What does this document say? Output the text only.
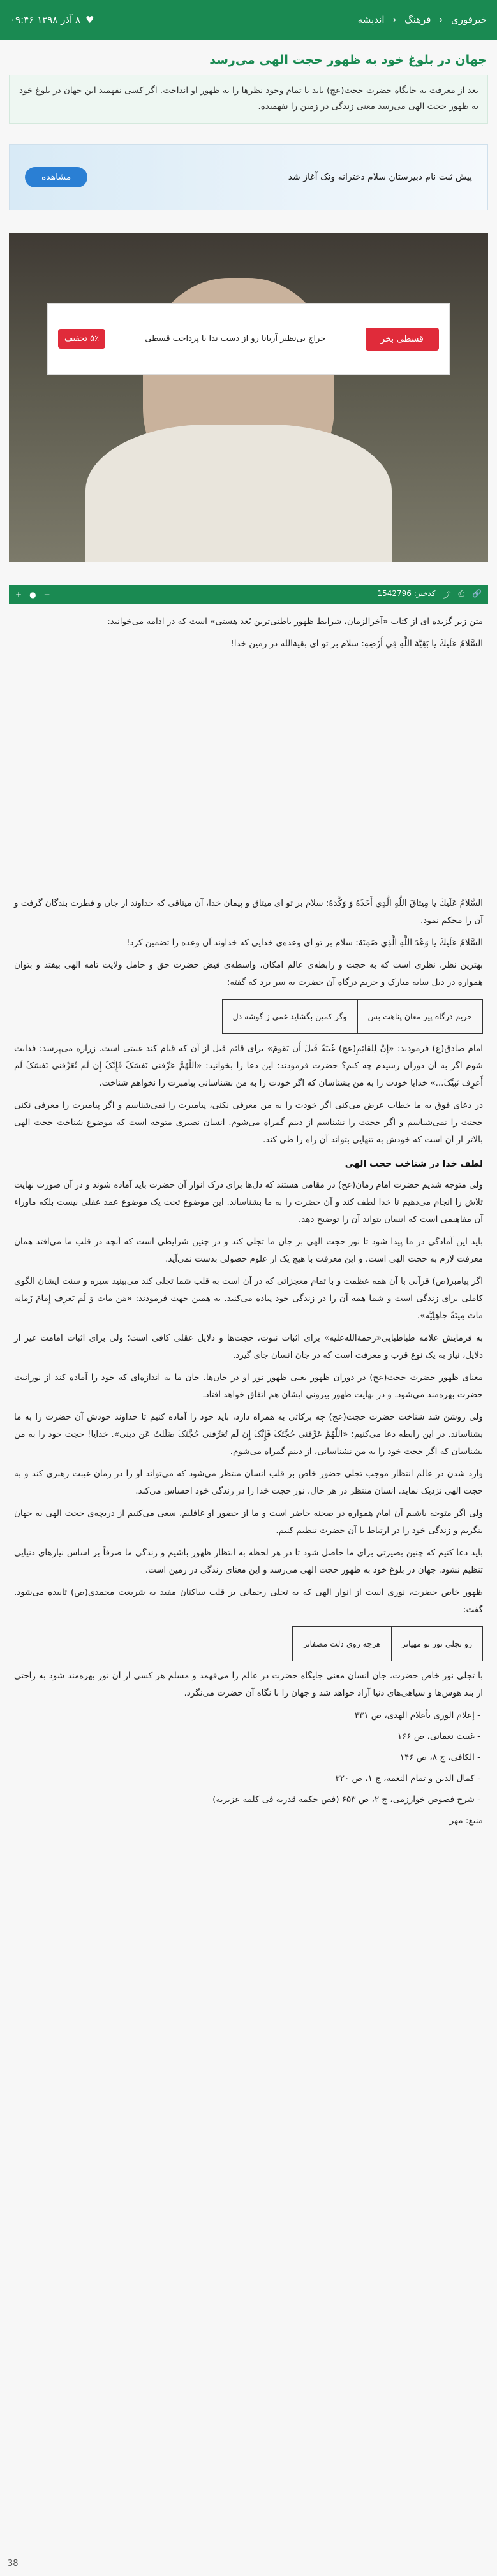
خبرفوری ‹ فرهنگ ‹ اندیشه
♥
۸ آذر ۱۳۹۸ ۰۹:۴۶
جهان در بلوغ خود به ظهور حجت الهی می‌رسد
بعد از معرفت به جایگاه حضرت حجت(عج) باید با تمام وجود نظرها را به ظهور او انداخت. اگر کسی نفهمید این جهان در بلوغ خود به ظهور حجت الهی می‌رسد معنی زندگی در زمین را نفهمیده.
پیش ثبت نام دبیرستان سلام دخترانه ونک آغاز شد
مشاهده
قسطی بخر
حراج بی‌نظیر آریانا رو از دست ندا با پرداخت قسطی
۵٪ تخفیف
🔗
⎙
⤴
کدخبر: 1542796
−
●
+

متن زیر گزیده ای از کتاب «آخرالزمان، شرایط ظهور باطنی‌ترین بُعد هستی» است که در ادامه می‌خوانید:

السَّلامُ عَلَيكَ يا بَقِيَّةَ اللَّهِ فِي أَرْضِهِ: سلام بر تو ای بقیةالله در زمین خدا!

السَّلامُ عَلَيكَ يا مِيثاقَ اللَّهِ الَّذِي أَخَذَهُ وَ وَكَّدَهُ: سلام بر تو ای میثاق و پیمان خدا، آن میثاقی که خداوند از جان و فطرت بندگان گرفت و آن را محکم نمود.

السَّلامُ عَلَيكَ يا وَعْدَ اللَّهِ الَّذِي ضَمِنَهُ: سلام بر تو ای وعده‌ی خدایی که خداوند آن وعده را تضمین کرد!

بهترین نظر، نظری است که به حجت و رابطه‌ی عالم امکان، واسطه‌ی فیض حضرت حق و حامل ولایت تامه الهی بیفتد و بتوان همواره در ذیل سایه مبارک و حریم درگاه آن حضرت به سر برد که گفته:

حریم درگاه پیر مغان پناهت بس
وگر کمین بگشاید غمی ز گوشه دل

امام صادق(ع) فرمودند: «إِنَّ لِلقائِمِ(عج) غَيبَةً قَبلَ أَن يَقومَ» برای قائم قبل از آن که قیام کند غیبتی است. زراره می‌پرسد: فدایت شوم اگر به آن دوران رسیدم چه کنم؟ حضرت فرمودند: این دعا را بخوانید: «اللّٰهُمَّ عَرِّفنی نَفسَکَ فَإِنَّکَ إِن لَم تُعَرِّفنی نَفسَکَ لَم أَعرِف نَبِیَّکَ...» خدایا خودت را به من بشناسان که اگر خودت را به من نشناسانی پیامبرت را نخواهم شناخت.

در دعای فوق به ما خطاب عرض می‌کنی اگر خودت را به من معرفی نکنی، پیامبرت را نمی‌شناسم و اگر پیامبرت را معرفی نکنی حجتت را نمی‌شناسم و اگر حجتت را نشناسم از دینم گمراه می‌شوم. انسان نصیری متوجه است که موضوع شناخت حجت الهی بالاتر از آن است که خودش به تنهایی بتواند آن راه را طی کند.

لطف خدا در شناخت حجت الهی

ولی متوجه شدیم حضرت امام زمان(عج) در مقامی هستند که دل‌ها برای درک انوار آن حضرت باید آماده شوند و در آن صورت نهایت تلاش را انجام می‌دهیم تا خدا لطف کند و آن حضرت را به ما بشناساند. این موضوع تحت یک موضوع عمد عقلی نیست بلکه ماوراء آن مفاهیمی است که انسان بتواند آن را توضیح دهد.

باید این آمادگی در ما پیدا شود تا نور حجت الهی بر جان ما تجلی کند و در چنین شرایطی است که آنچه در قلب ما می‌افتد همان معرفت لازم به حجت الهی است. و این معرفت با هیچ یک از علوم حصولی بدست نمی‌آید.

اگر پیامبر(ص) قرآنی با آن همه عظمت و با تمام معجزاتی که در آن است به قلب شما تجلی کند می‌بینید سیره و سنت ایشان الگوی کاملی برای زندگی است و شما همه آن را در زندگی خود پیاده می‌کنید. به همین جهت فرمودند: «مَن ماتَ وَ لَم یَعرِف إِمامَ زَمانِه ماتَ مِیتَةً جاهِلِیَّة».

به فرمایش علامه طباطبایی«رحمةالله‌علیه» برای اثبات نبوت، حجت‌ها و دلایل عقلی کافی است؛ ولی برای اثبات امامت غیر از دلایل، نیاز به یک نوع قرب و معرفت است که در جان انسان جای گیرد.

معنای ظهور حضرت حجت(عج) در دوران ظهور یعنی ظهور نور او در جان‌ها. جان ما به اندازه‌ای که خود را آماده کند از نورانیت حضرت بهره‌مند می‌شود. و در نهایت ظهور بیرونی ایشان هم اتفاق خواهد افتاد.

ولی روشن شد شناخت حضرت حجت(عج) چه برکاتی به همراه دارد، باید خود را آماده کنیم تا خداوند خودش آن حضرت را به ما بشناساند. در این رابطه دعا می‌کنیم: «اللّٰهُمَّ عَرِّفنی حُجَّتَکَ فَإِنَّکَ إِن لَم تُعَرِّفنی حُجَّتَکَ ضَلَلتُ عَن دینی». خدایا! حجت خود را به من بشناسان که اگر حجت خود را به من نشناسانی، از دینم گمراه می‌شوم.

وارد شدن در عالم انتظار موجب تجلی حضور خاص بر قلب انسان منتظر می‌شود که می‌تواند او را در زمان غیبت رهبری کند و به حجت الهی نزدیک نماید. انسان منتظر در هر حال، نور حجت خدا را در زندگی خود احساس می‌کند.

ولی اگر متوجه باشیم آن امام همواره در صحنه حاضر است و ما از حضور او غافلیم، سعی می‌کنیم از دریچه‌ی حجت الهی به جهان بنگریم و زندگی خود را در ارتباط با آن حضرت تنظیم کنیم.

باید دعا کنیم که چنین بصیرتی برای ما حاصل شود تا در هر لحظه به انتظار ظهور باشیم و زندگی ما صرفاً بر اساس نیازهای دنیایی تنظیم نشود. جهان در بلوغ خود به ظهور حجت الهی می‌رسد و این معنای زندگی در زمین است.

ظهور خاص حضرت، نوری است از انوار الهی که به تجلی رحمانی بر قلب ساکنان مفید به شریعت محمدی(ص) تابیده می‌شود. گفت:

زو تجلی نور تو مهیاتر
هرچه روی دلت مصفاتر

با تجلی نور خاص حضرت، جان انسان معنی جایگاه حضرت در عالم را می‌فهمد و مسلم هر کسی از آن نور بهره‌مند شود به راحتی از بند هوس‌ها و سیاهی‌های دنیا آزاد خواهد شد و جهان را با نگاه آن حضرت می‌نگرد.

- إعلام الوری بأعلام الهدی، ص ۴۳۱
- غیبت نعمانی، ص ۱۶۶
- الکافی، ج ۸، ص ۱۴۶
- کمال الدین و تمام النعمه، ج ۱، ص ۳۲۰
- شرح فصوص خوارزمی، ج ۲، ص ۶۵۳ (فص حکمة قدریة فی کلمة عزیریة)

منبع: مهر

38
